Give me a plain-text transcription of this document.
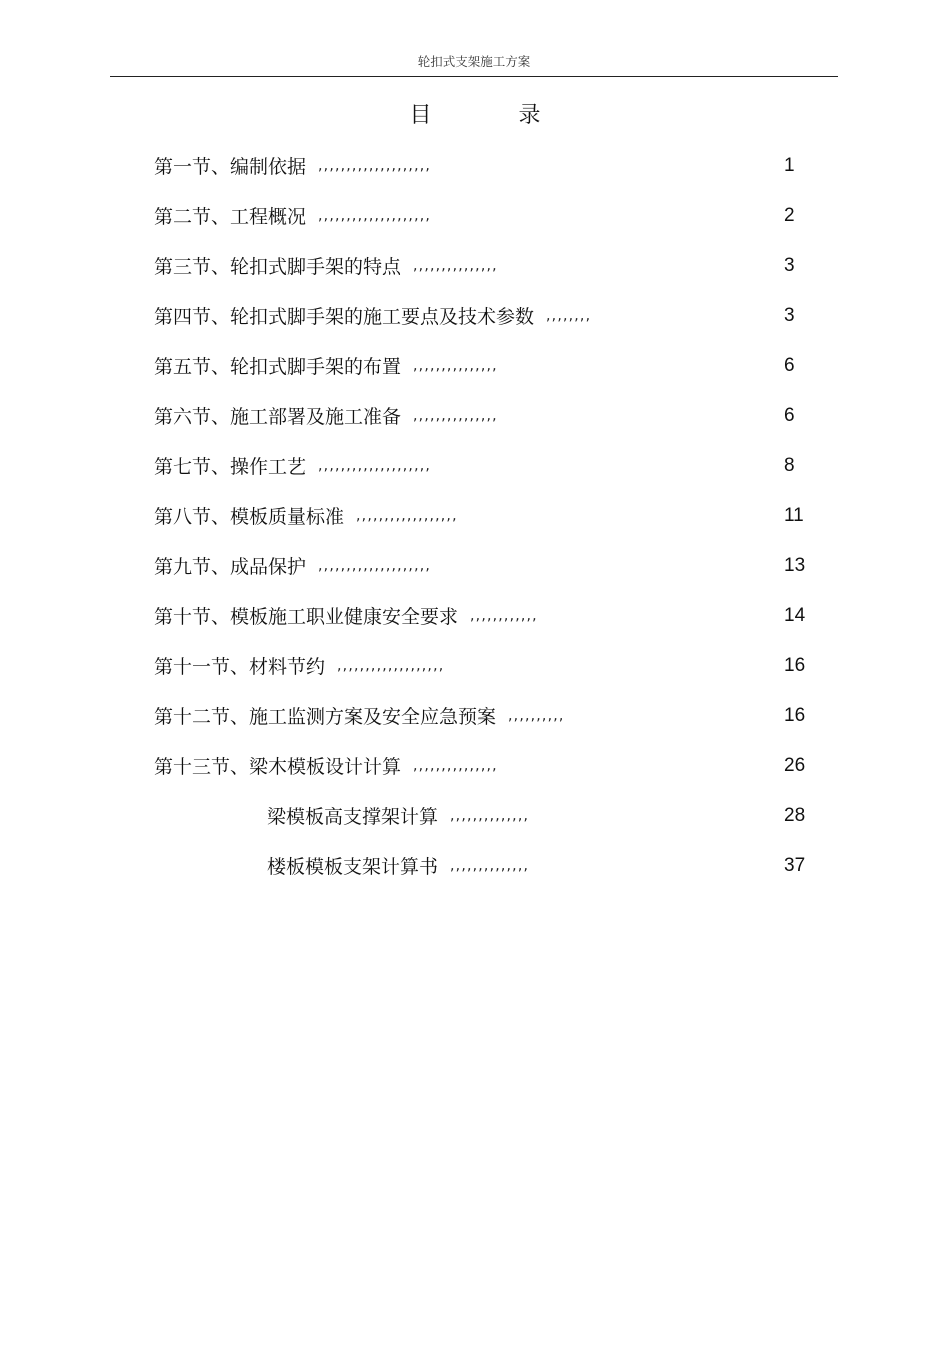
轮扣式支架施工方案
目 录
第一节、编制依据 ,,,,,,,,,,,,,,,,,,,,	1
第二节、工程概况 ,,,,,,,,,,,,,,,,,,,,	2
第三节、轮扣式脚手架的特点 ,,,,,,,,,,,,,,,	3
第四节、轮扣式脚手架的施工要点及技术参数 ,,,,,,,,	3
第五节、轮扣式脚手架的布置 ,,,,,,,,,,,,,,,	6
第六节、施工部署及施工准备 ,,,,,,,,,,,,,,,	6
第七节、操作工艺 ,,,,,,,,,,,,,,,,,,,,	8
第八节、模板质量标准 ,,,,,,,,,,,,,,,,,,	11
第九节、成品保护 ,,,,,,,,,,,,,,,,,,,,	13
第十节、模板施工职业健康安全要求 ,,,,,,,,,,,,	14
第十一节、材料节约 ,,,,,,,,,,,,,,,,,,,	16
第十二节、施工监测方案及安全应急预案 ,,,,,,,,,,	16
第十三节、梁木模板设计计算 ,,,,,,,,,,,,,,,	26
梁模板高支撑架计算 ,,,,,,,,,,,,,,	28
楼板模板支架计算书 ,,,,,,,,,,,,,,	37
